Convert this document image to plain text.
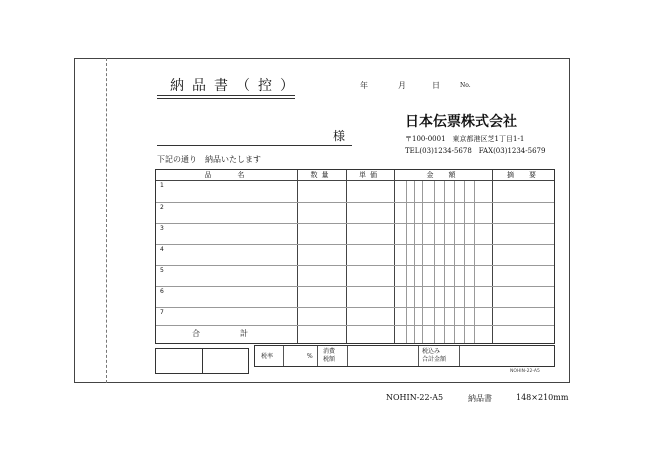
納品書（控）	年	月	日	No.
様
日本伝票株式会社
〒100-0001　東京都港区芝1丁目1-1
TEL(03)1234-5678　FAX(03)1234-5679
下記の通り　納品いたします
品　　名	数量	単価	金　額	摘　要
1
2
3
4
5
6
7
合計
税率	%
消費
税額
税込み
合計金額
NOHIN-22-A5
NOHIN-22-A5	納品書	148×210mm
